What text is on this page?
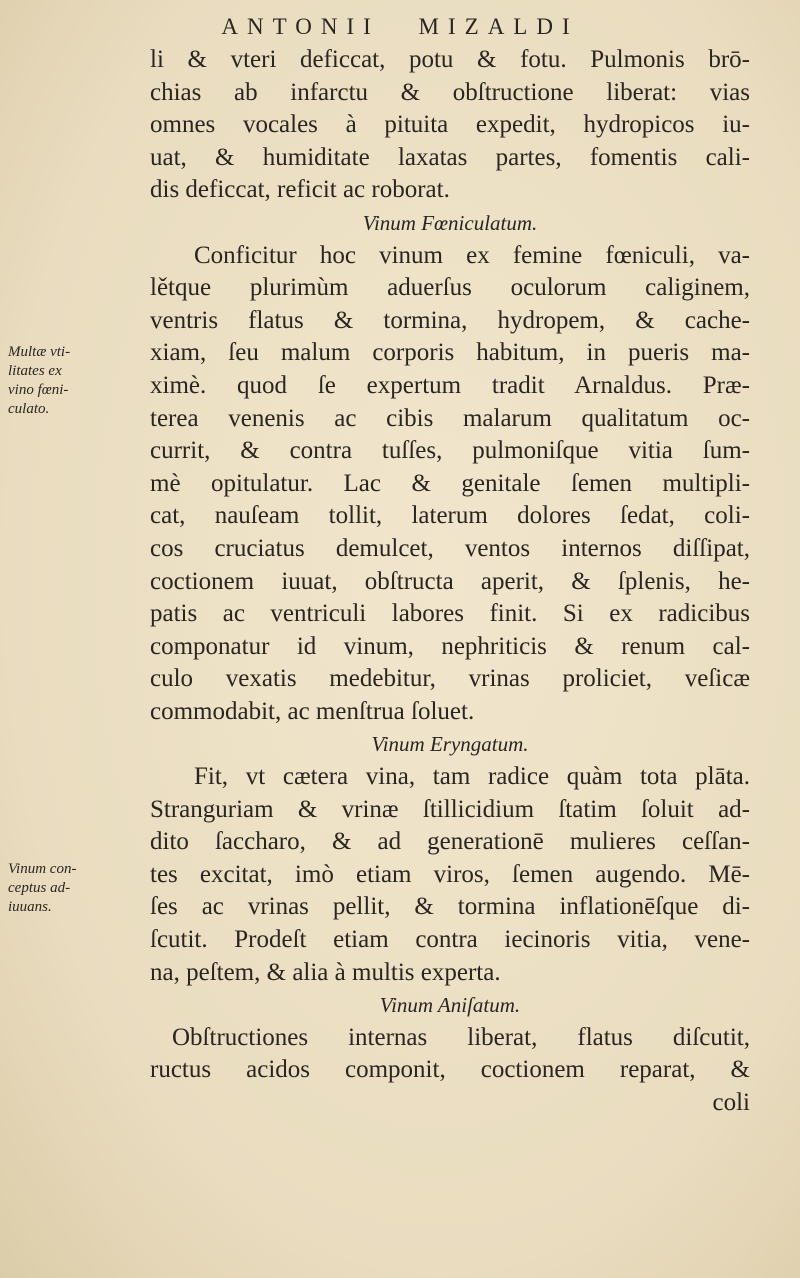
ANTONII MIZALDI
Multæ vti-
litates ex
vino fœni-
culato.
Vinum con-
ceptus ad-
iuuans.
li & vteri deficcat, potu & fotu. Pulmonis brō-
chias ab infarctu & obſtructione liberat: vias
omnes vocales à pituita expedit, hydropicos iu-
uat, & humiditate laxatas partes, fomentis cali-
dis deficcat, reficit ac roborat.
Vinum Fœniculatum.
Conficitur hoc vinum ex femine fœniculi, va-
lětque plurimùm aduerſus oculorum caliginem,
ventris flatus & tormina, hydropem, & cache-
xiam, ſeu malum corporis habitum, in pueris ma-
ximè. quod ſe expertum tradit Arnaldus. Præ-
terea venenis ac cibis malarum qualitatum oc-
currit, & contra tuſſes, pulmoniſque vitia ſum-
mè opitulatur. Lac & genitale ſemen multipli-
cat, nauſeam tollit, laterum dolores ſedat, coli-
cos cruciatus demulcet, ventos internos diſſipat,
coctionem iuuat, obſtructa aperit, & ſplenis, he-
patis ac ventriculi labores finit. Si ex radicibus
componatur id vinum, nephriticis & renum cal-
culo vexatis medebitur, vrinas proliciet, veſicæ
commodabit, ac menſtrua ſoluet.
Vinum Eryngatum.
Fit, vt cætera vina, tam radice quàm tota plāta.
Stranguriam & vrinæ ſtillicidium ſtatim ſoluit ad-
dito ſaccharo, & ad generationē mulieres ceſſan-
tes excitat, imò etiam viros, ſemen augendo. Mē-
ſes ac vrinas pellit, & tormina inflationēſque di-
ſcutit. Prodeſt etiam contra iecinoris vitia, vene-
na, peſtem, & alia à multis experta.
Vinum Aniſatum.
Obſtructiones internas liberat, flatus diſcutit,
ructus acidos componit, coctionem reparat, &
coli
